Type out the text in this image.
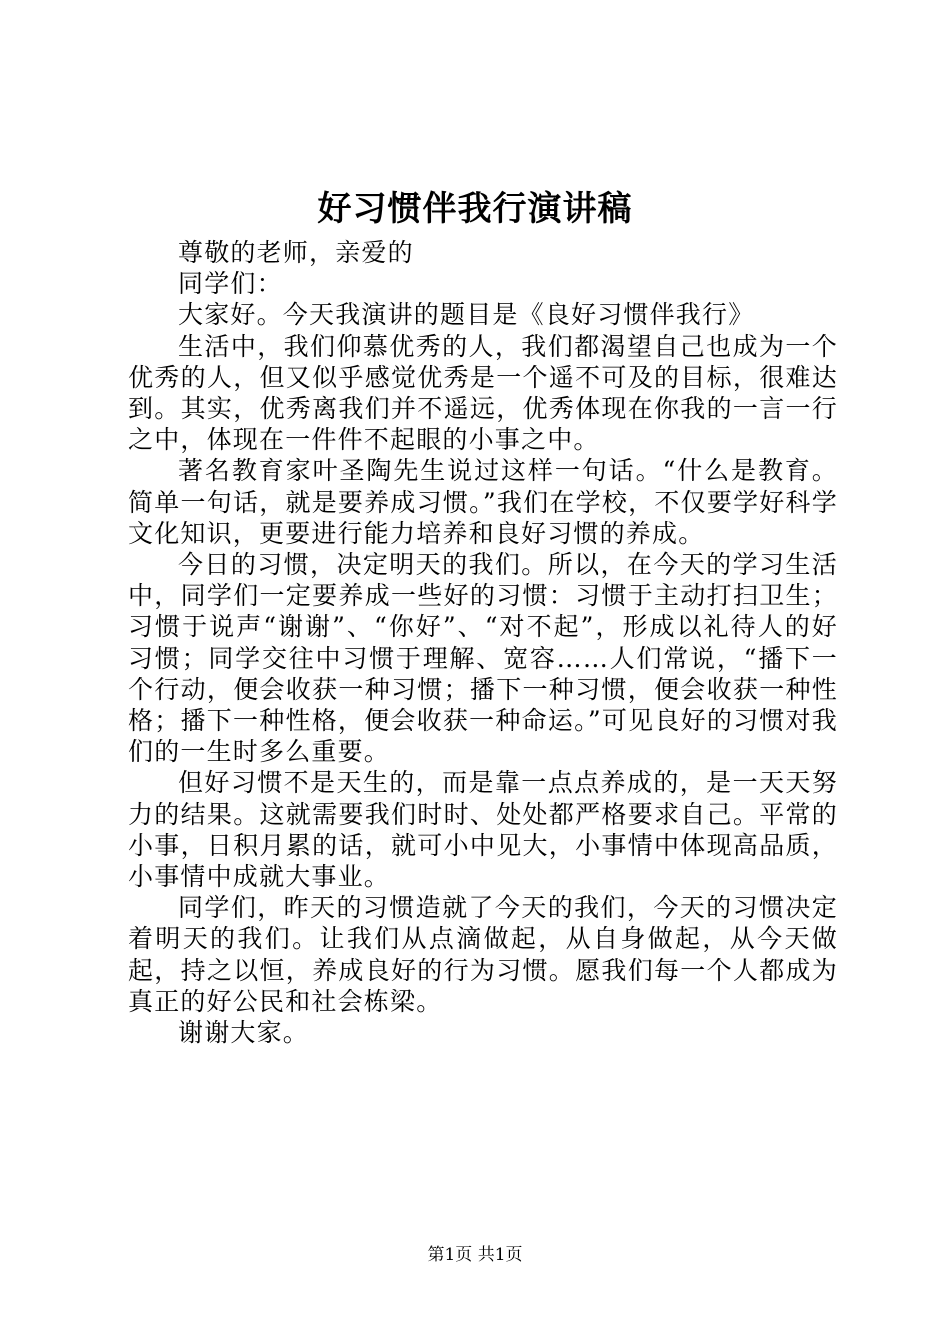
好习惯伴我行演讲稿

尊敬的老师，亲爱的

同学们：

大家好。今天我演讲的题目是《良好习惯伴我行》

生活中，我们仰慕优秀的人，我们都渴望自己也成为一个优秀的人，但又似乎感觉优秀是一个遥不可及的目标，很难达到。其实，优秀离我们并不遥远，优秀体现在你我的一言一行之中，体现在一件件不起眼的小事之中。

著名教育家叶圣陶先生说过这样一句话。“什么是教育。简单一句话，就是要养成习惯。”我们在学校，不仅要学好科学文化知识，更要进行能力培养和良好习惯的养成。

今日的习惯，决定明天的我们。所以，在今天的学习生活中，同学们一定要养成一些好的习惯：习惯于主动打扫卫生；习惯于说声“谢谢”、“你好”、“对不起”，形成以礼待人的好习惯；同学交往中习惯于理解、宽容……人们常说，“播下一个行动，便会收获一种习惯；播下一种习惯，便会收获一种性格；播下一种性格，便会收获一种命运。”可见良好的习惯对我们的一生时多么重要。

但好习惯不是天生的，而是靠一点点养成的，是一天天努力的结果。这就需要我们时时、处处都严格要求自己。平常的小事，日积月累的话，就可小中见大，小事情中体现高品质，小事情中成就大事业。

同学们，昨天的习惯造就了今天的我们，今天的习惯决定着明天的我们。让我们从点滴做起，从自身做起，从今天做起，持之以恒，养成良好的行为习惯。愿我们每一个人都成为真正的好公民和社会栋梁。

谢谢大家。

第1页 共1页
